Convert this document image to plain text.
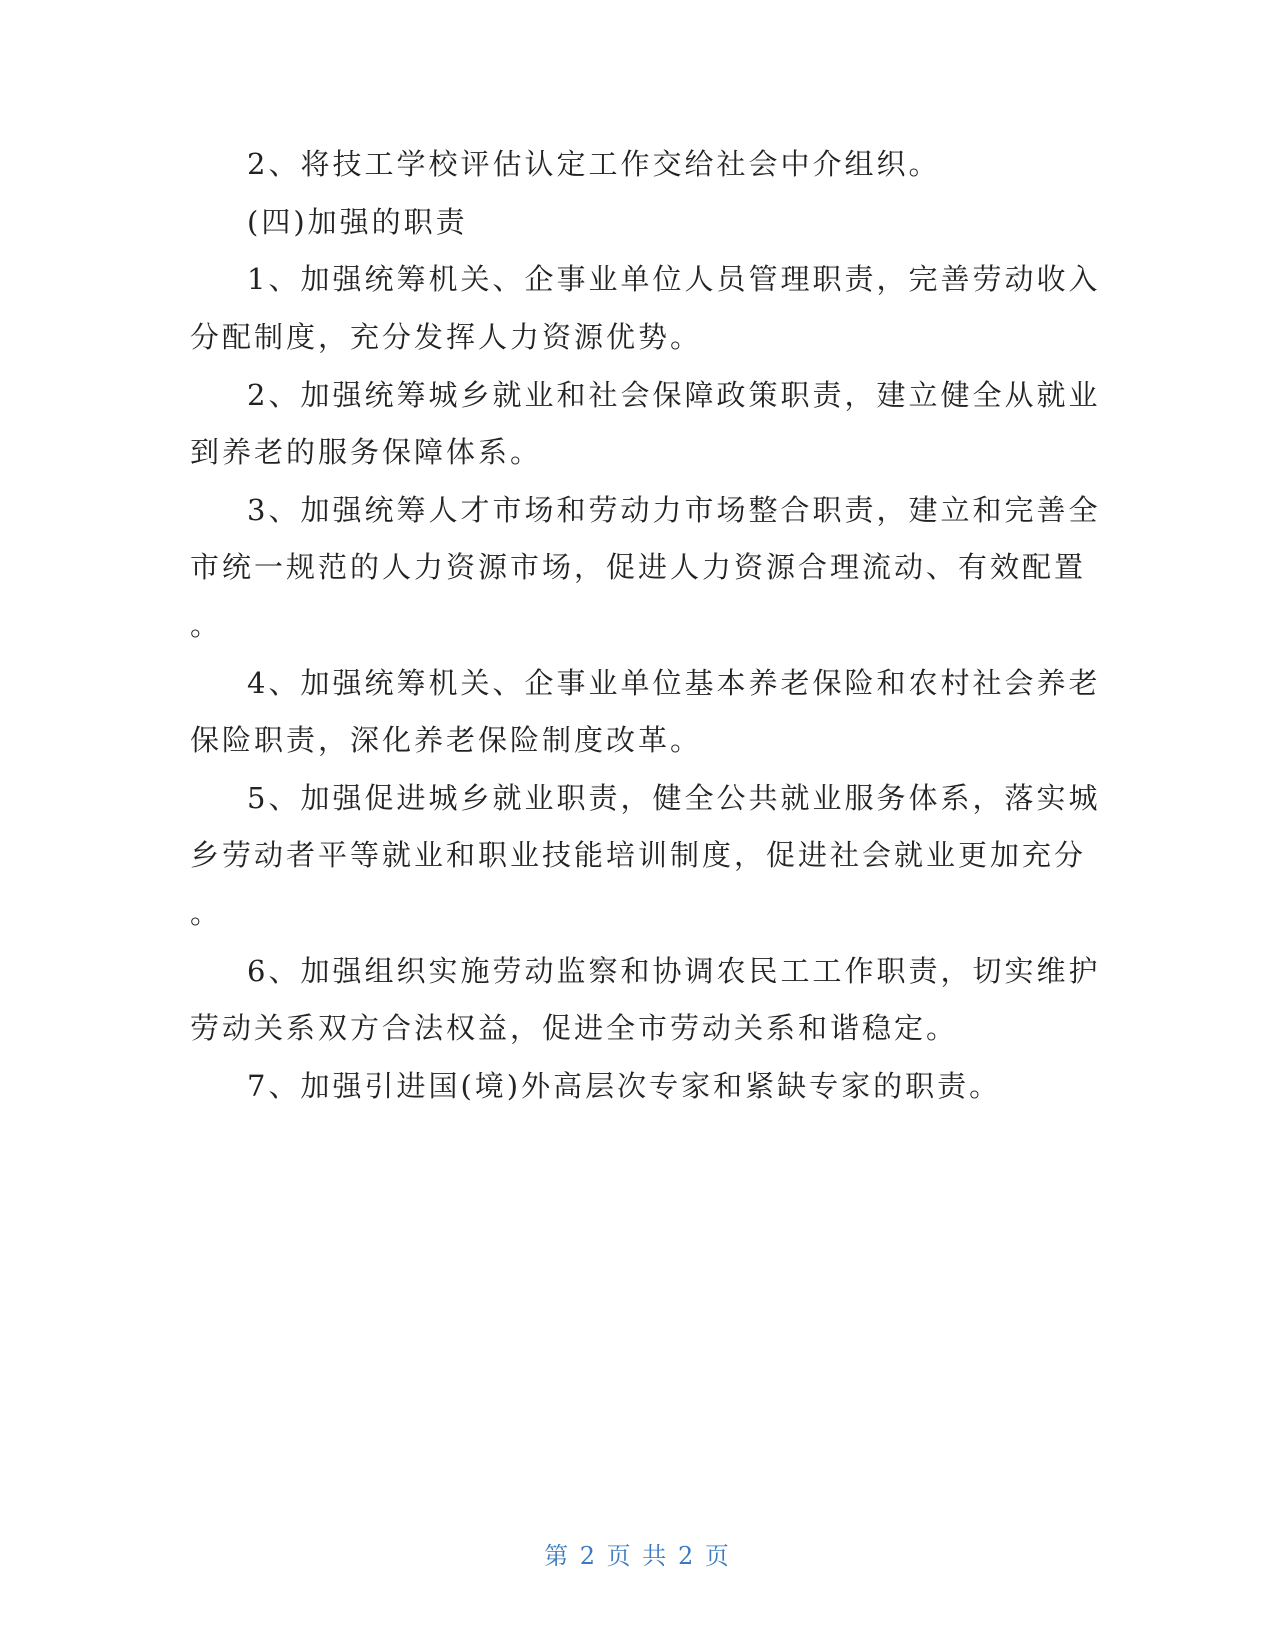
2、将技工学校评估认定工作交给社会中介组织。
(四)加强的职责
1、加强统筹机关、企事业单位人员管理职责，完善劳动收入
分配制度，充分发挥人力资源优势。
2、加强统筹城乡就业和社会保障政策职责，建立健全从就业
到养老的服务保障体系。
3、加强统筹人才市场和劳动力市场整合职责，建立和完善全
市统一规范的人力资源市场，促进人力资源合理流动、有效配置
。
4、加强统筹机关、企事业单位基本养老保险和农村社会养老
保险职责，深化养老保险制度改革。
5、加强促进城乡就业职责，健全公共就业服务体系，落实城
乡劳动者平等就业和职业技能培训制度，促进社会就业更加充分
。
6、加强组织实施劳动监察和协调农民工工作职责，切实维护
劳动关系双方合法权益，促进全市劳动关系和谐稳定。
7、加强引进国(境)外高层次专家和紧缺专家的职责。
第 2 页 共 2 页
